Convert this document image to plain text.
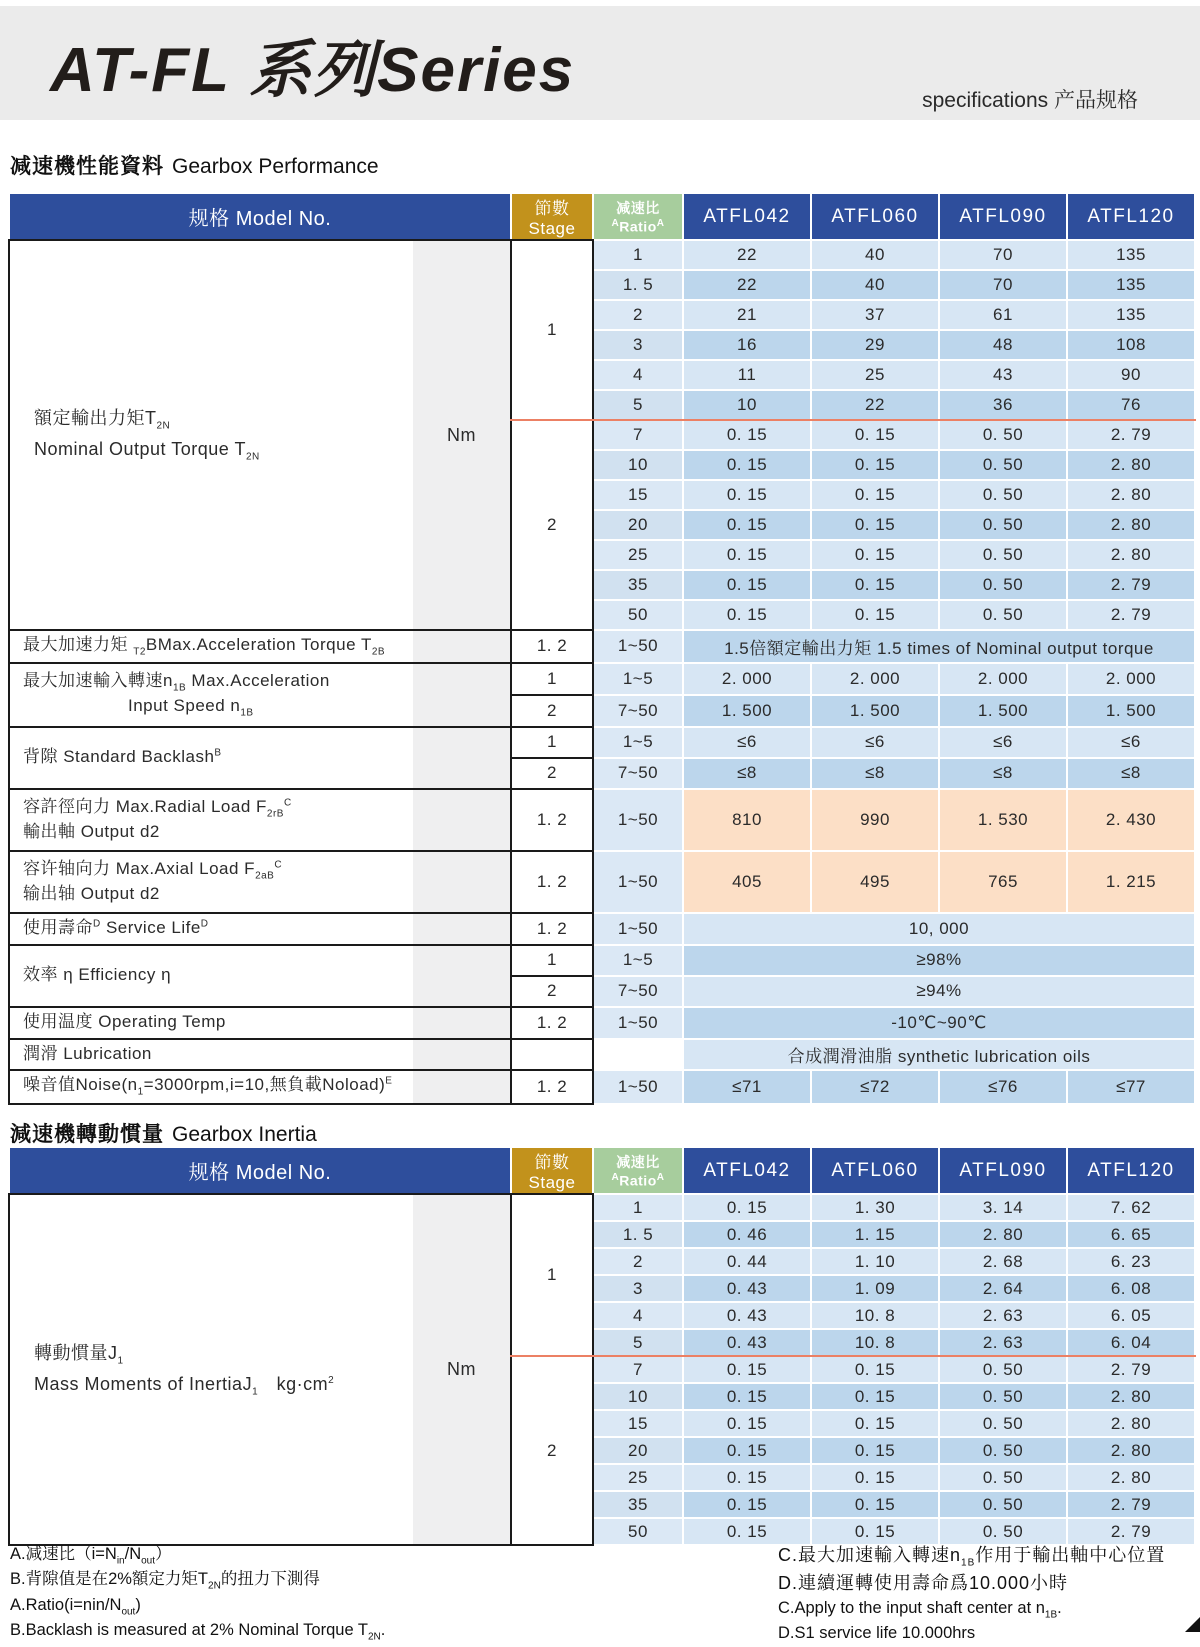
AT-FL 系列Series	specifications 产品规格
减速機性能資料 Gearbox Performance
规格 Model No.		節數Stage	减速比$^A$Ratio$^A$	ATFL042	ATFL060	ATFL090	ATFL120
額定輸出力矩$T_{2N}$
Nominal Output Torque $T_{2N}$	Nm	1	1	22	40	70	135
			1. 5	22	40	70	135
			2	21	37	61	135
			3	16	29	48	108
			4	11	25	43	90
			5	10	22	36	76
		2	7	0. 15	0. 15	0. 50	2. 79
			10	0. 15	0. 15	0. 50	2. 80
			15	0. 15	0. 15	0. 50	2. 80
			20	0. 15	0. 15	0. 50	2. 80
			25	0. 15	0. 15	0. 50	2. 80
			35	0. 15	0. 15	0. 50	2. 79
			50	0. 15	0. 15	0. 50	2. 79
最大加速力矩 $_{T2}$BMax.Acceleration Torque $T_{2B}$		1. 2	1~50	1.5倍額定輸出力矩 1.5 times of Nominal output torque			
最大加速輸入轉速$n_{1B}$ Max.Acceleration
      Input Speed $n_{1B}$		1	1~5	2. 000	2. 000	2. 000	2. 000
		2	7~50	1. 500	1. 500	1. 500	1. 500
背隙 Standard Backlash$^B$		1	1~5	≤6	≤6	≤6	≤6
		2	7~50	≤8	≤8	≤8	≤8
容許徑向力 Max.Radial Load $F_{2rB}^C$
輸出軸 Output d2		1. 2	1~50	810	990	1. 530	2. 430
容许轴向力 Max.Axial Load $F_{2aB}^C$
输出轴 Output d2		1. 2	1~50	405	495	765	1. 215
使用壽命$^D$ Service Life$^D$		1. 2	1~50	10, 000			
效率 η Efficiency η		1	1~5	≥98%			
		2	7~50	≥94%			
使用温度 Operating Temp		1. 2	1~50	-10℃~90℃			
潤滑 Lubrication				合成潤滑油脂 synthetic lubrication oils			
噪音值$Noise(n_1=3000rpm,i=10$,無負載Noload)$^E$		1. 2	1~50	≤71	≤72	≤76	≤77
減速機轉動慣量 Gearbox Inertia
规格 Model No.		節數Stage	减速比$^A$Ratio$^A$	ATFL042	ATFL060	ATFL090	ATFL120
轉動慣量$J_1$
Mass Moments of InertiaJ$_1$ $kg\cdot cm^2$	Nm	1	1	0. 15	1. 30	3. 14	7. 62
			1. 5	0. 46	1. 15	2. 80	6. 65
			2	0. 44	1. 10	2. 68	6. 23
			3	0. 43	1. 09	2. 64	6. 08
			4	0. 43	10. 8	2. 63	6. 05
			5	0. 43	10. 8	2. 63	6. 04
		2	7	0. 15	0. 15	0. 50	2. 79
			10	0. 15	0. 15	0. 50	2. 80
			15	0. 15	0. 15	0. 50	2. 80
			20	0. 15	0. 15	0. 50	2. 80
			25	0. 15	0. 15	0. 50	2. 80
			35	0. 15	0. 15	0. 50	2. 79
			50	0. 15	0. 15	0. 50	2. 79
A.减速比$(i=N_{in}/N_{out})$
B.背隙值是在2%額定力矩$T_{2N}$的扭力下測得
$A.Ratio(i=nin/N_{out})$
B.Backlash is measured at 2% Nominal Torque $T_{2N}$.
C.最大加速輸入轉速$n_{1B}$作用于輸出軸中心位置
D.連續運轉使用壽命爲10.000小時
C.Apply to the input shaft center at $n_{1B}$.
D.S1 service life 10.000hrs
